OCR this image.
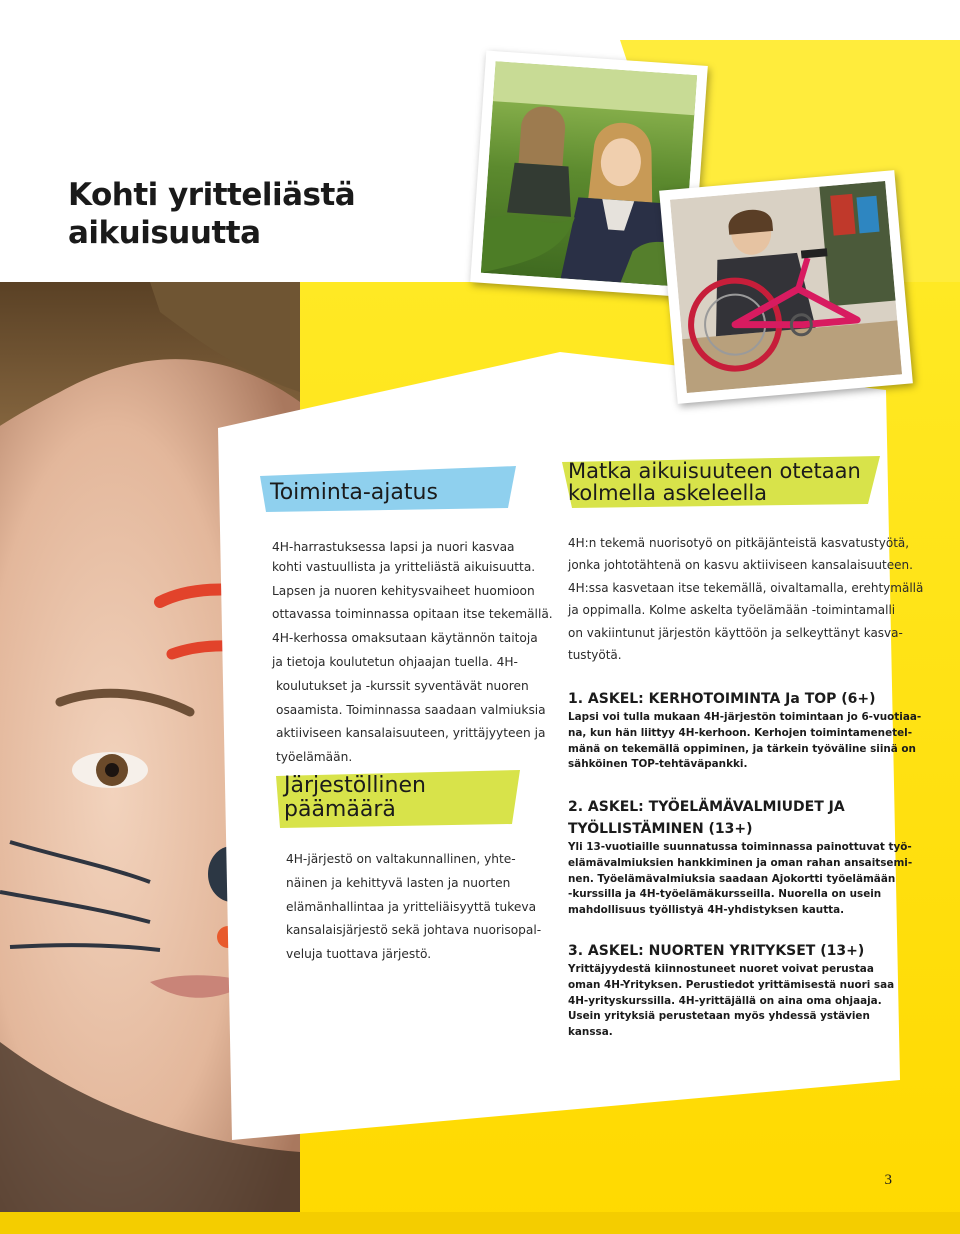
Kohti yritteliästä
aikuisuutta
Toiminta-ajatus
4H-harrastuksessa lapsi ja nuori kasvaa
kohti vastuullista ja yritteliästä aikuisuutta.
Lapsen ja nuoren kehitysvaiheet huomioon
ottavassa toiminnassa opitaan itse tekemällä.
4H-kerhossa omaksutaan käytännön taitoja
ja tietoja koulutetun ohjaajan tuella. 4H-
koulutukset ja -kurssit syventävät nuoren
osaamista. Toiminnassa saadaan valmiuksia
aktiiviseen kansalaisuuteen, yrittäjyyteen ja
työelämään.
Järjestöllinen
päämäärä
4H-järjestö on valtakunnallinen, yhte-
näinen ja kehittyvä lasten ja nuorten
elämänhallintaa ja yritteliäisyyttä tukeva
kansalaisjärjestö sekä johtava nuorisopal-
veluja tuottava järjestö.
Matka aikuisuuteen otetaan
kolmella askeleella
4H:n tekemä nuorisotyö on pitkäjänteistä kasvatustyötä,
jonka johtotähtenä on kasvu aktiiviseen kansalaisuuteen.
4H:ssa kasvetaan itse tekemällä, oivaltamalla, erehtymällä
ja oppimalla. Kolme askelta työelämään -toimintamalli
on vakiintunut järjestön käyttöön ja selkeyttänyt kasva-
tustyötä.
1. ASKEL: KERHOTOIMINTA Ja TOP (6+)
Lapsi voi tulla mukaan 4H-järjestön toimintaan jo 6-vuotiaa-
na, kun hän liittyy 4H-kerhoon. Kerhojen toimintamenetel-
mänä on tekemällä oppiminen, ja tärkein työväline siinä on
sähköinen TOP-tehtäväpankki.
2. ASKEL: TYÖELÄMÄVALMIUDET JA
TYÖLLISTÄMINEN (13+)
Yli 13-vuotiaille suunnatussa toiminnassa painottuvat työ-
elämävalmiuksien hankkiminen ja oman rahan ansaitsemi-
nen. Työelämävalmiuksia saadaan Ajokortti työelämään
-kurssilla ja 4H-työelämäkursseilla. Nuorella on usein
mahdollisuus työllistyä 4H-yhdistyksen kautta.
3. ASKEL: NUORTEN YRITYKSET (13+)
Yrittäjyydestä kiinnostuneet nuoret voivat perustaa
oman 4H-Yrityksen. Perustiedot yrittämisestä nuori saa
4H-yrityskurssilla. 4H-yrittäjällä on aina oma ohjaaja.
Usein yrityksiä perustetaan myös yhdessä ystävien
kanssa.
3
